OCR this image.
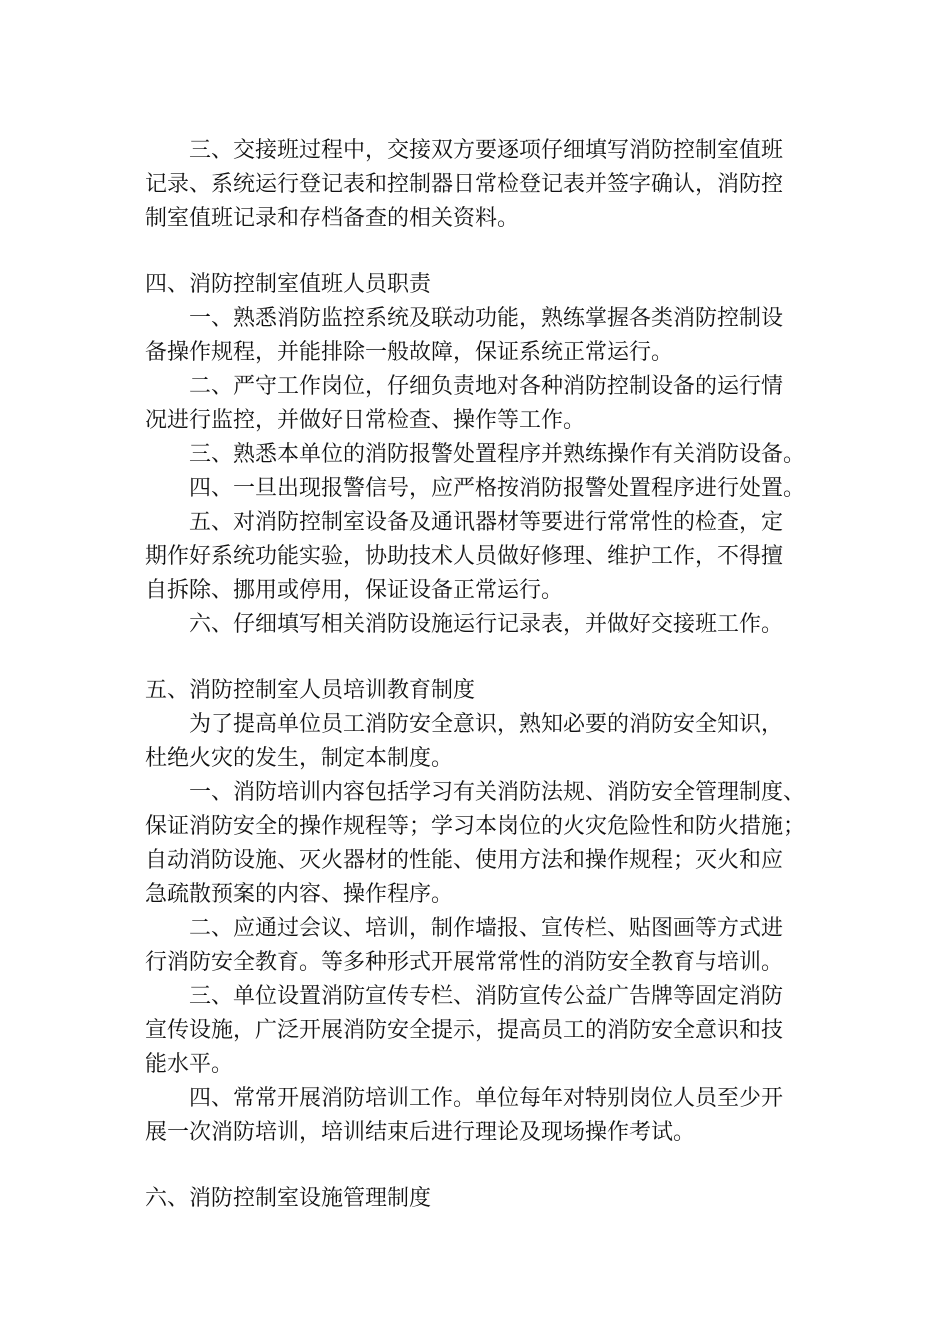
三、交接班过程中，交接双方要逐项仔细填写消防控制室值班
记录、系统运行登记表和控制器日常检登记表并签字确认，消防控
制室值班记录和存档备查的相关资料。
四、消防控制室值班人员职责
一、熟悉消防监控系统及联动功能，熟练掌握各类消防控制设
备操作规程，并能排除一般故障，保证系统正常运行。
二、严守工作岗位，仔细负责地对各种消防控制设备的运行情
况进行监控，并做好日常检查、操作等工作。
三、熟悉本单位的消防报警处置程序并熟练操作有关消防设备。
四、一旦出现报警信号，应严格按消防报警处置程序进行处置。
五、对消防控制室设备及通讯器材等要进行常常性的检查，定
期作好系统功能实验，协助技术人员做好修理、维护工作，不得擅
自拆除、挪用或停用，保证设备正常运行。
六、仔细填写相关消防设施运行记录表，并做好交接班工作。
五、消防控制室人员培训教育制度
为了提高单位员工消防安全意识，熟知必要的消防安全知识，
杜绝火灾的发生，制定本制度。
一、消防培训内容包括学习有关消防法规、消防安全管理制度、
保证消防安全的操作规程等；学习本岗位的火灾危险性和防火措施；
自动消防设施、灭火器材的性能、使用方法和操作规程；灭火和应
急疏散预案的内容、操作程序。
二、应通过会议、培训，制作墙报、宣传栏、贴图画等方式进
行消防安全教育。等多种形式开展常常性的消防安全教育与培训。
三、单位设置消防宣传专栏、消防宣传公益广告牌等固定消防
宣传设施，广泛开展消防安全提示，提高员工的消防安全意识和技
能水平。
四、常常开展消防培训工作。单位每年对特别岗位人员至少开
展一次消防培训，培训结束后进行理论及现场操作考试。
六、消防控制室设施管理制度
